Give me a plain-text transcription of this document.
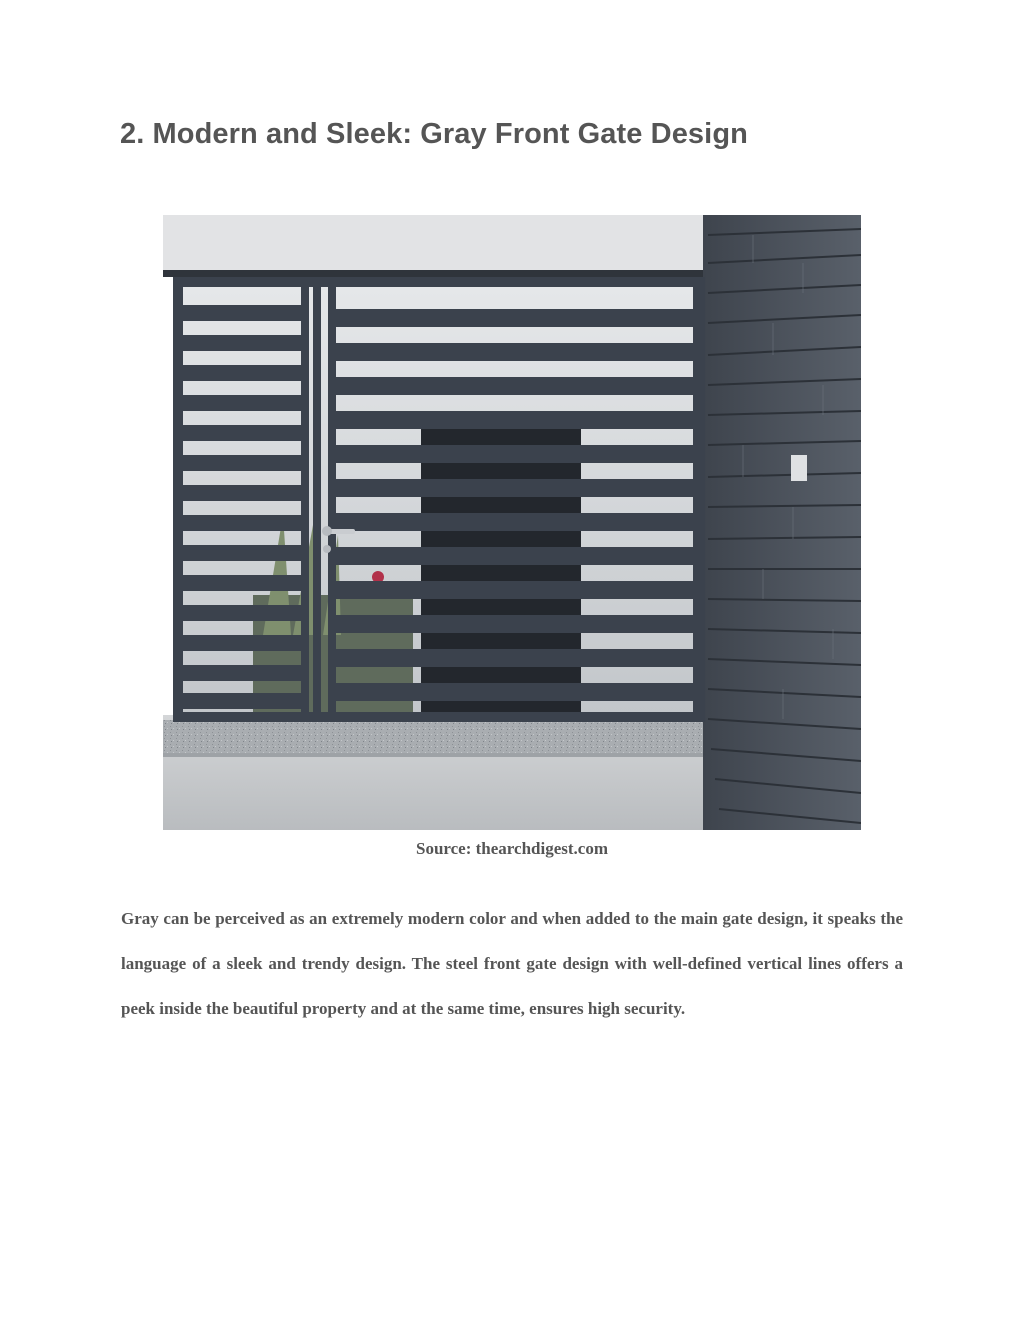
2. Modern and Sleek: Gray Front Gate Design
Source: thearchdigest.com

Gray can be perceived as an extremely modern color and when added to the main gate design, it speaks the language of a sleek and trendy design. The steel front gate design with well-defined vertical lines offers a peek inside the beautiful property and at the same time, ensures high security.
